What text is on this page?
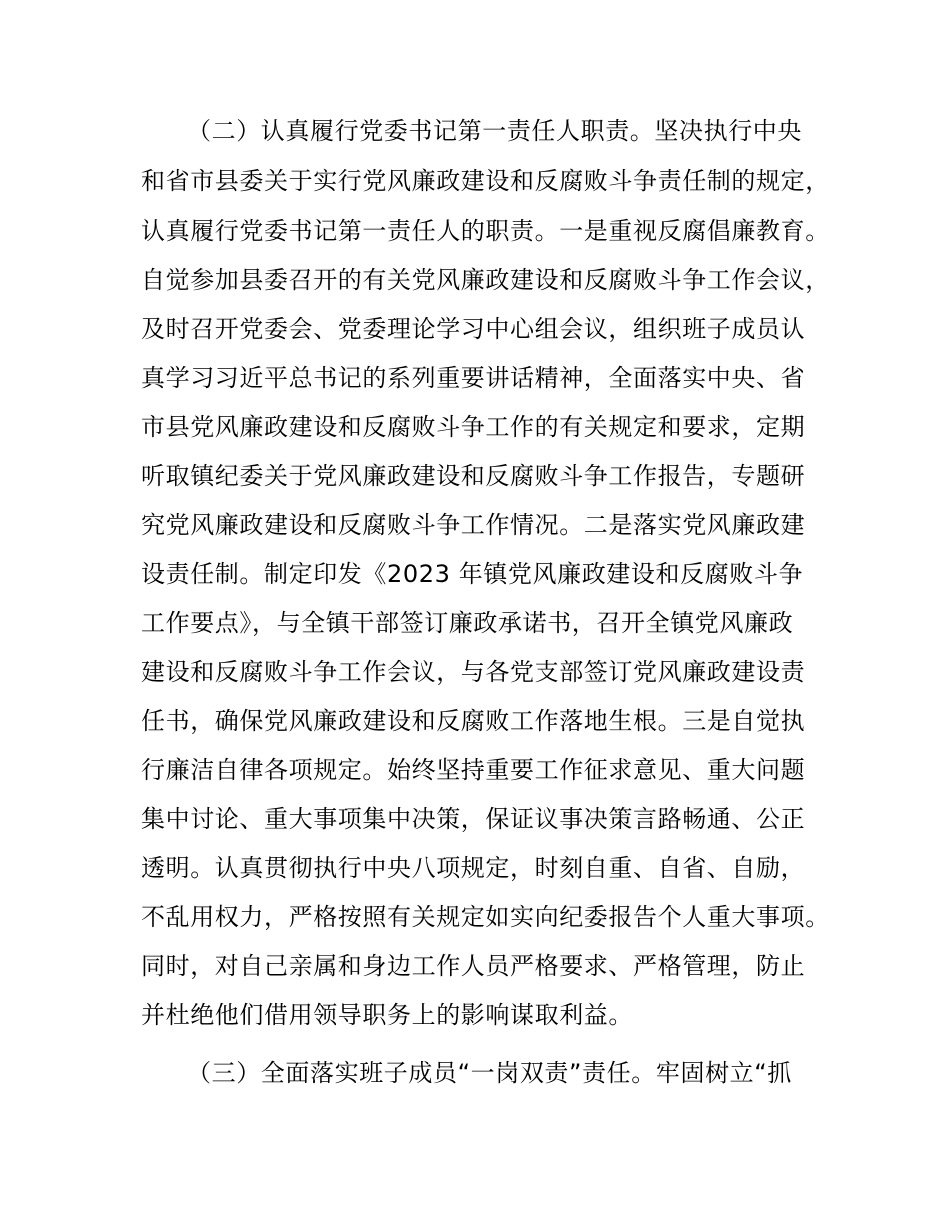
（二）认真履行党委书记第一责任人职责。坚决执行中央
和省市县委关于实行党风廉政建设和反腐败斗争责任制的规定，
认真履行党委书记第一责任人的职责。一是重视反腐倡廉教育。
自觉参加县委召开的有关党风廉政建设和反腐败斗争工作会议，
及时召开党委会、党委理论学习中心组会议，组织班子成员认
真学习习近平总书记的系列重要讲话精神，全面落实中央、省
市县党风廉政建设和反腐败斗争工作的有关规定和要求，定期
听取镇纪委关于党风廉政建设和反腐败斗争工作报告，专题研
究党风廉政建设和反腐败斗争工作情况。二是落实党风廉政建
设责任制。制定印发《2023 年镇党风廉政建设和反腐败斗争
工作要点》，与全镇干部签订廉政承诺书，召开全镇党风廉政
建设和反腐败斗争工作会议，与各党支部签订党风廉政建设责
任书，确保党风廉政建设和反腐败工作落地生根。三是自觉执
行廉洁自律各项规定。始终坚持重要工作征求意见、重大问题
集中讨论、重大事项集中决策，保证议事决策言路畅通、公正
透明。认真贯彻执行中央八项规定，时刻自重、自省、自励，
不乱用权力，严格按照有关规定如实向纪委报告个人重大事项。
同时，对自己亲属和身边工作人员严格要求、严格管理，防止
并杜绝他们借用领导职务上的影响谋取利益。
（三）全面落实班子成员“一岗双责”责任。牢固树立“抓
